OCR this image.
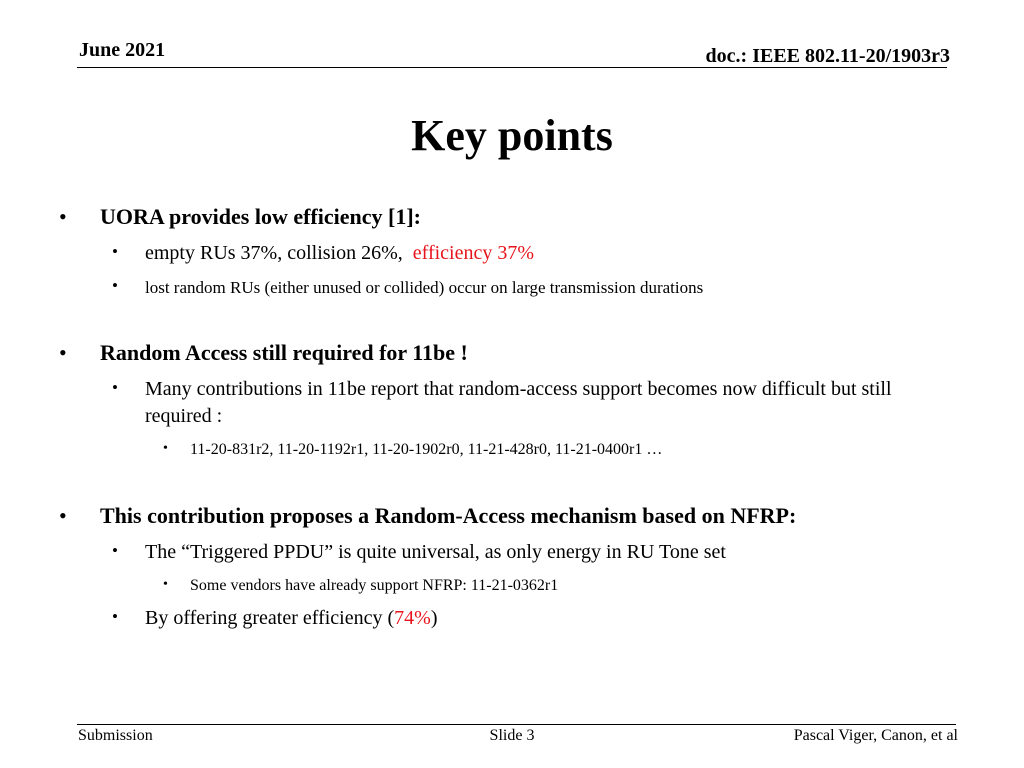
June 2021	doc.: IEEE 802.11-20/1903r3
Key points
• UORA provides low efficiency [1]:
• empty RUs 37%, collision 26%,  efficiency 37%
• lost random RUs (either unused or collided) occur on large transmission durations
• Random Access still required for 11be !
• Many contributions in 11be report that random-access support becomes now difficult but still required :
• 11-20-831r2, 11-20-1192r1, 11-20-1902r0, 11-21-428r0, 11-21-0400r1 …
• This contribution proposes a Random-Access mechanism based on NFRP:
• The “Triggered PPDU” is quite universal, as only energy in RU Tone set
• Some vendors have already support NFRP: 11-21-0362r1
• By offering greater efficiency (74%)
Submission	Slide 3	Pascal Viger, Canon, et al
